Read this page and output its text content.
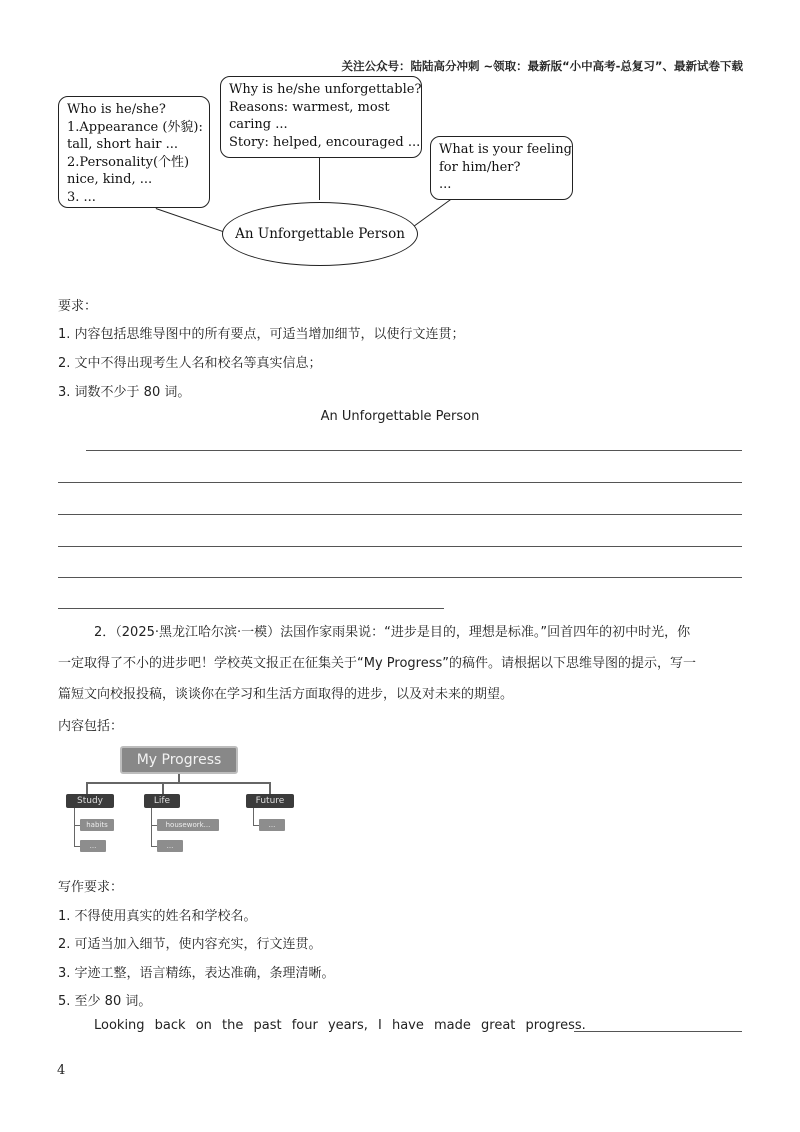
关注公众号：陆陆高分冲刺 ~领取：最新版“小中高考-总复习”、最新试卷下载
Who is he/she?
1.Appearance (外貌):
tall, short hair ...
2.Personality(个性)
nice, kind, ...
3. ...
Why is he/she unforgettable?
Reasons: warmest, most
caring ...
Story: helped, encouraged ... What is your feeling
for him/her?
...
An Unforgettable Person
要求：
1. 内容包括思维导图中的所有要点，可适当增加细节，以使行文连贯；
2. 文中不得出现考生人名和校名等真实信息；
3. 词数不少于 80 词。
An Unforgettable Person
2．（2025·黑龙江哈尔滨·一模）法国作家雨果说：“进步是目的，理想是标准。”回首四年的初中时光，你
一定取得了不小的进步吧！学校英文报正在征集关于“My Progress”的稿件。请根据以下思维导图的提示，写一
篇短文向校报投稿，谈谈你在学习和生活方面取得的进步，以及对未来的期望。
内容包括：
My Progress
Study	Life	Future
habits
...
housework...
...
...
写作要求：
1. 不得使用真实的姓名和学校名。
2. 可适当加入细节，使内容充实，行文连贯。
3. 字迹工整，语言精练，表达准确，条理清晰。
5. 至少 80 词。
Looking back on the past four years, I have made great progress.
4
